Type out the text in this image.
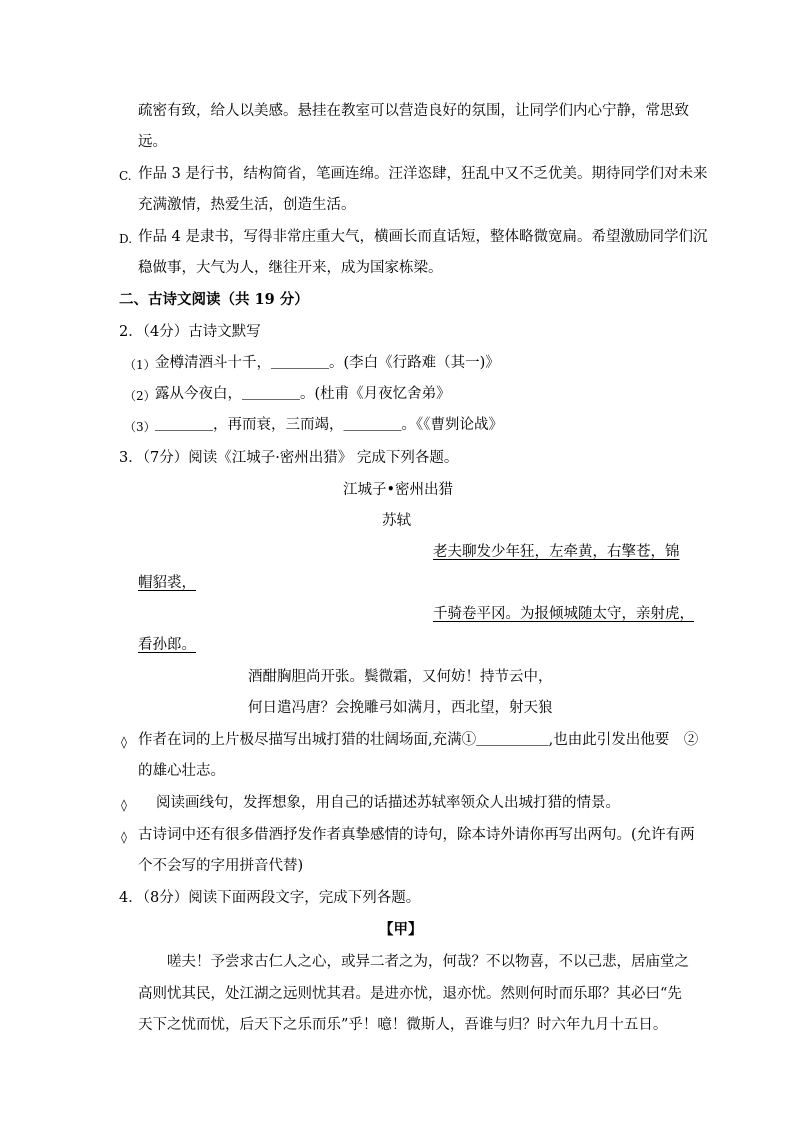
疏密有致，给人以美感。悬挂在教室可以营造良好的氛围，让同学们内心宁静，常思致
远。
C. 作品 3 是行书，结构简省，笔画连绵。汪洋恣肆，狂乱中又不乏优美。期待同学们对未来
充满激情，热爱生活，创造生活。
D. 作品 4 是隶书，写得非常庄重大气，横画长而直话短，整体略微宽扁。希望激励同学们沉
稳做事，大气为人，继往开来，成为国家栋梁。
二、古诗文阅读（共 19 分）
2．（4分）古诗文默写
（1） 金樽清酒斗十千，＿＿＿＿。(李白《行路难（其一)》
（2） 露从今夜白，＿＿＿＿。(杜甫《月夜忆舍弟》
（3） ＿＿＿＿，再而衰，三而竭，＿＿＿＿。《《曹刿论战》
3．（7分）阅读《江城子·密州出猎》 完成下列各题。
江城子•密州出猎
苏轼
老夫聊发少年狂，左牵黄，右擎苍，锦
帽貂裘，
千骑卷平冈。为报倾城随太守，亲射虎，
看孙郎。
酒酣胸胆尚开张。鬓微霜，又何妨！持节云中，
何日遣冯唐？会挽雕弓如满月，西北望，射天狼
◊ 作者在词的上片极尽描写出城打猎的壮阔场面,充满①＿＿＿＿＿,也由此引发出他要　②
的雄心壮志。
◊ 阅读画线句，发挥想象，用自己的话描述苏轼率领众人出城打猎的情景。
◊ 古诗词中还有很多借酒抒发作者真挚感情的诗句，除本诗外请你再写出两句。(允许有两
个不会写的字用拼音代替)
4．（8分）阅读下面两段文字，完成下列各题。
【甲】
嗟夫！予尝求古仁人之心，或异二者之为，何哉？不以物喜，不以己悲，居庙堂之
高则忧其民，处江湖之远则忧其君。是进亦忧，退亦忧。然则何时而乐耶？其必曰“先
天下之忧而忧，后天下之乐而乐”乎！噫！微斯人，吾谁与归？时六年九月十五日。
